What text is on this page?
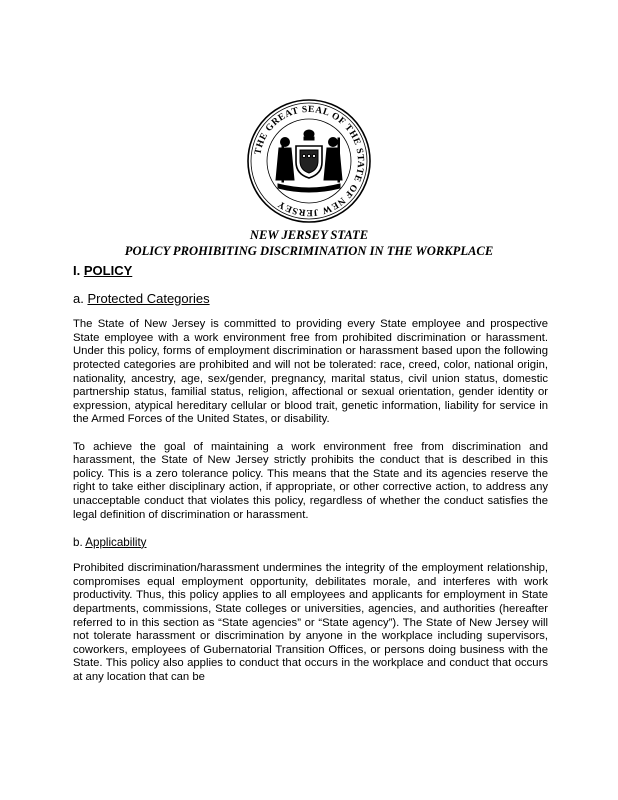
THE GREAT SEAL OF THE STATE OF NEW JERSEY
NEW JERSEY STATE
POLICY PROHIBITING DISCRIMINATION IN THE WORKPLACE
I. POLICY
a. Protected Categories

The State of New Jersey is committed to providing every State employee and prospective State employee with a work environment free from prohibited discrimination or harassment. Under this policy, forms of employment discrimination or harassment based upon the following protected categories are prohibited and will not be tolerated: race, creed, color, national origin, nationality, ancestry, age, sex/gender, pregnancy, marital status, civil union status, domestic partnership status, familial status, religion, affectional or sexual orientation, gender identity or expression, atypical hereditary cellular or blood trait, genetic information, liability for service in the Armed Forces of the United States, or disability.

To achieve the goal of maintaining a work environment free from discrimination and harassment, the State of New Jersey strictly prohibits the conduct that is described in this policy. This is a zero tolerance policy. This means that the State and its agencies reserve the right to take either disciplinary action, if appropriate, or other corrective action, to address any unacceptable conduct that violates this policy, regardless of whether the conduct satisfies the legal definition of discrimination or harassment.

b. Applicability

Prohibited discrimination/harassment undermines the integrity of the employment relationship, compromises equal employment opportunity, debilitates morale, and interferes with work productivity. Thus, this policy applies to all employees and applicants for employment in State departments, commissions, State colleges or universities, agencies, and authorities (hereafter referred to in this section as “State agencies” or “State agency”). The State of New Jersey will not tolerate harassment or discrimination by anyone in the workplace including supervisors, coworkers, employees of Gubernatorial Transition Offices, or persons doing business with the State. This policy also applies to conduct that occurs in the workplace and conduct that occurs at any location that can be
